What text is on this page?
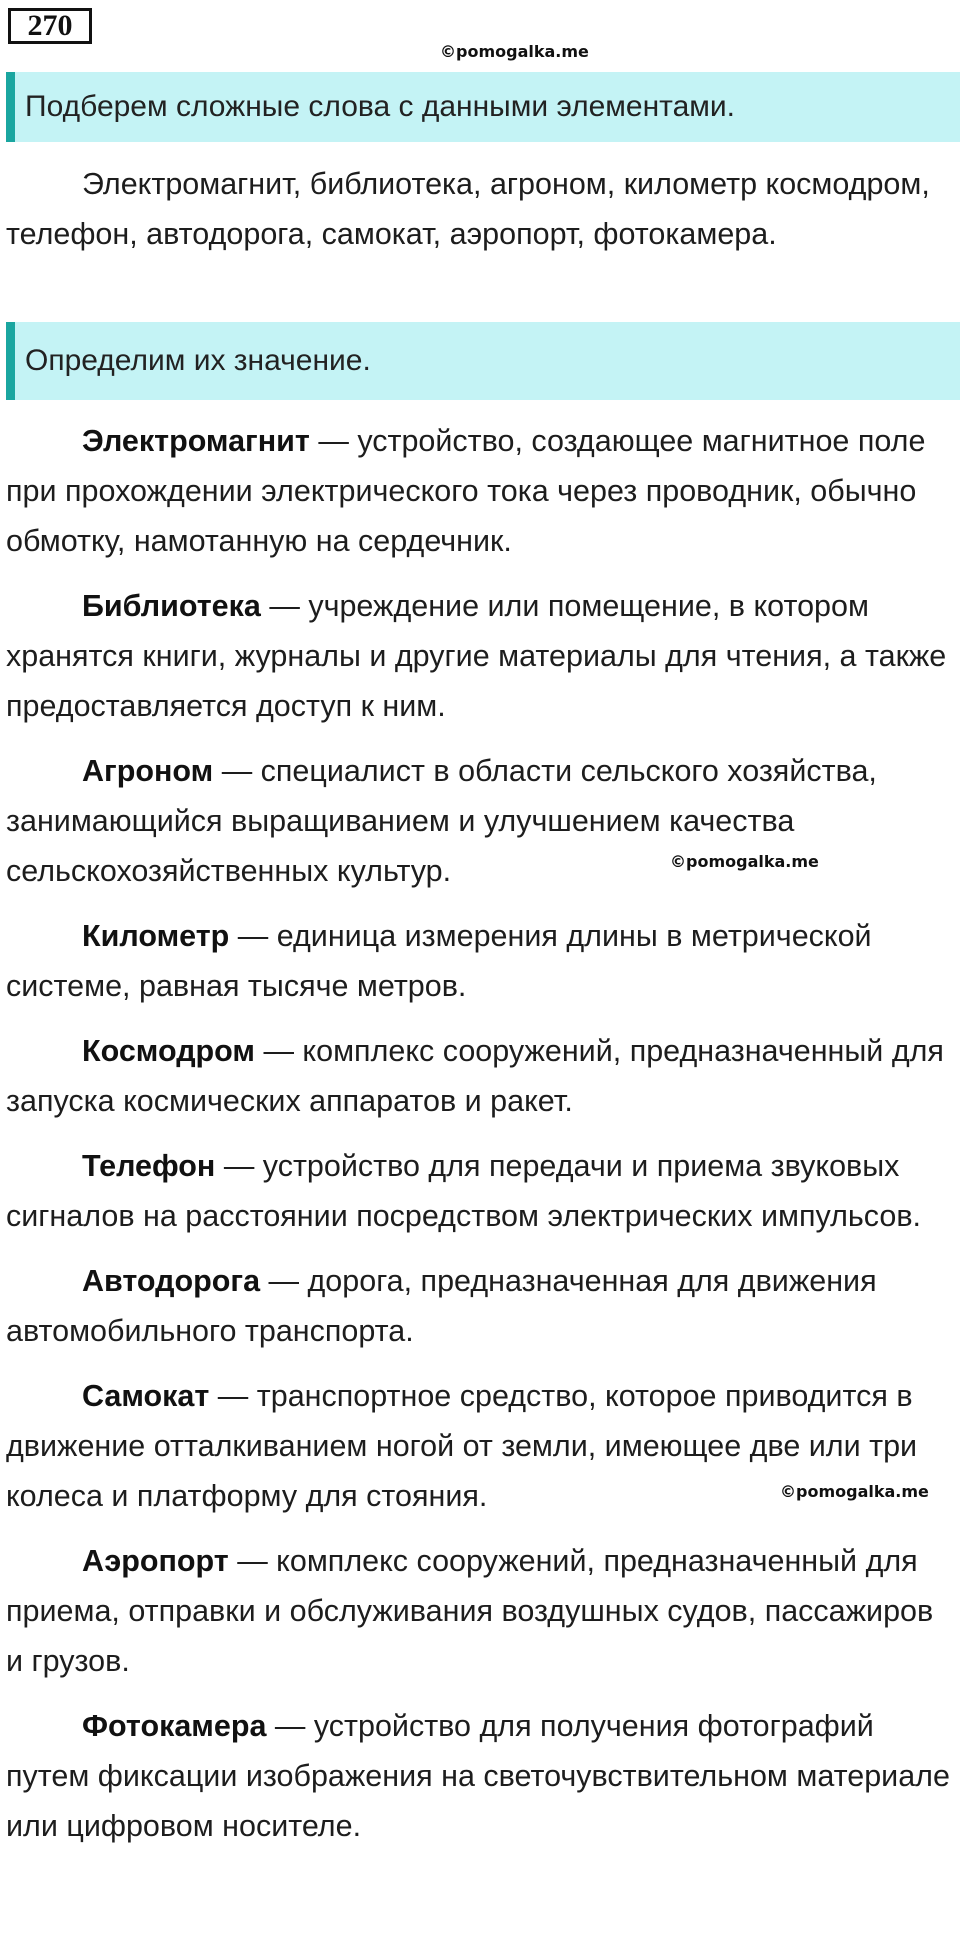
270
©pomogalka.me
©pomogalka.me
©pomogalka.me
Подберем сложные слова с данными элементами.

Электромагнит, библиотека, агроном, километр космодром, телефон, автодорога, самокат, аэропорт, фотокамера.

Определим их значение.

Электромагнит — устройство, создающее магнитное поле при прохождении электрического тока через проводник, обычно обмотку, намотанную на сердечник.

Библиотека — учреждение или помещение, в котором хранятся книги, журналы и другие материалы для чтения, а также предоставляется доступ к ним.

Агроном — специалист в области сельского хозяйства, занимающийся выращиванием и улучшением качества сельскохозяйственных культур.

Километр — единица измерения длины в метрической системе, равная тысяче метров.

Космодром — комплекс сооружений, предназначенный для запуска космических аппаратов и ракет.

Телефон — устройство для передачи и приема звуковых сигналов на расстоянии посредством электрических импульсов.

Автодорога — дорога, предназначенная для движения автомобильного транспорта.

Самокат — транспортное средство, которое приводится в движение отталкиванием ногой от земли, имеющее две или три колеса и платформу для стояния.

Аэропорт — комплекс сооружений, предназначенный для приема, отправки и обслуживания воздушных судов, пассажиров и грузов.

Фотокамера — устройство для получения фотографий путем фиксации изображения на светочувствительном материале или цифровом носителе.
